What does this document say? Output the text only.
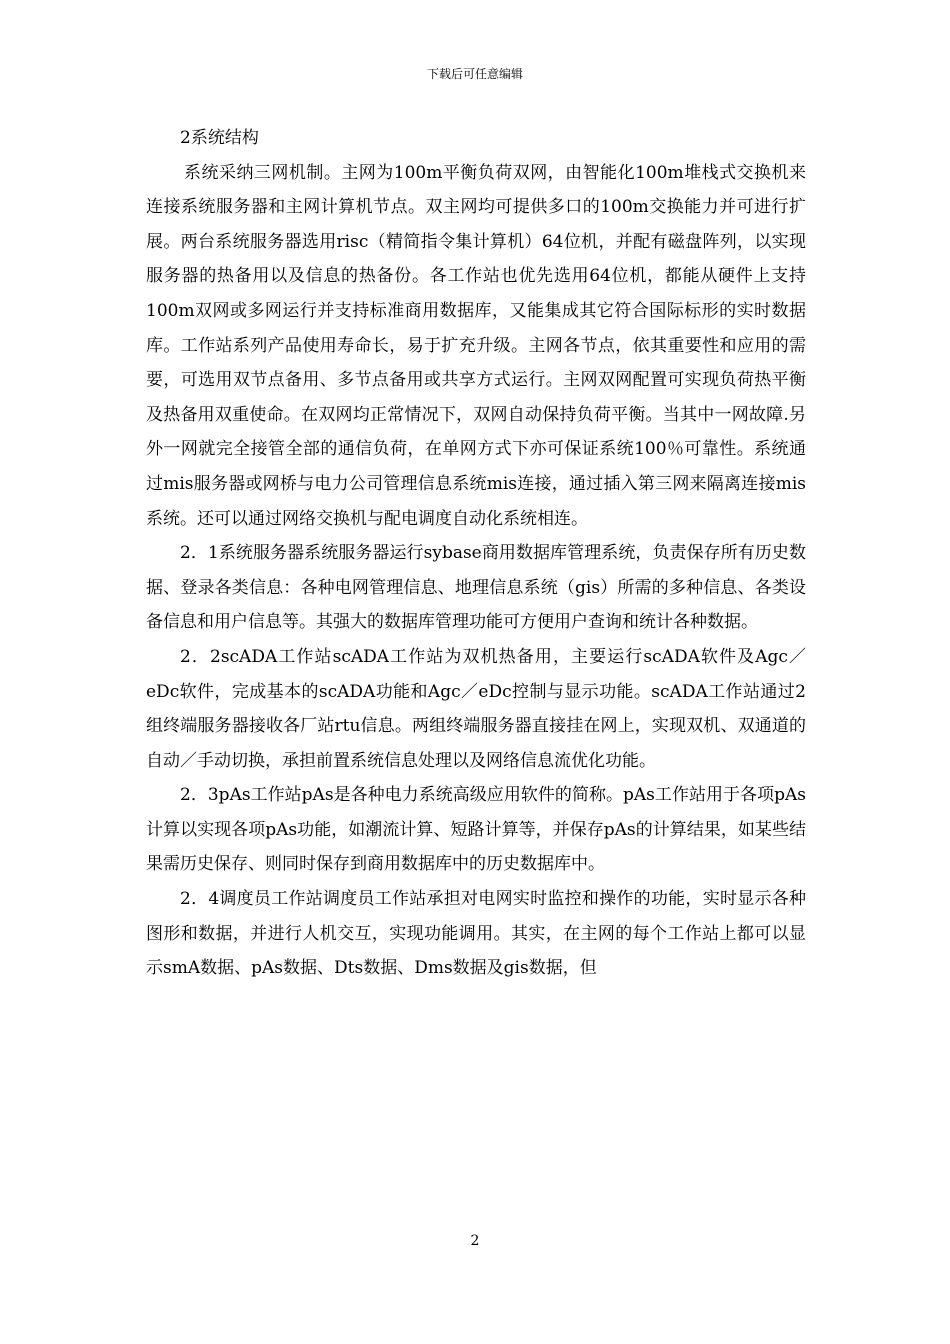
下载后可任意编辑

2系统结构

系统采纳三网机制。主网为100m平衡负荷双网，由智能化100m堆栈式交换机来连接系统服务器和主网计算机节点。双主网均可提供多口的100m交换能力并可进行扩展。两台系统服务器选用risc（精简指令集计算机）64位机，并配有磁盘阵列，以实现服务器的热备用以及信息的热备份。各工作站也优先选用64位机，都能从硬件上支持100m双网或多网运行并支持标准商用数据库，又能集成其它符合国际标形的实时数据库。工作站系列产品使用寿命长，易于扩充升级。主网各节点，依其重要性和应用的需要，可选用双节点备用、多节点备用或共享方式运行。主网双网配置可实现负荷热平衡及热备用双重使命。在双网均正常情况下，双网自动保持负荷平衡。当其中一网故障.另外一网就完全接管全部的通信负荷，在单网方式下亦可保证系统100％可靠性。系统通过mis服务器或网桥与电力公司管理信息系统mis连接，通过插入第三网来隔离连接mis系统。还可以通过网络交换机与配电调度自动化系统相连。

2．1系统服务器系统服务器运行sybase商用数据库管理系统，负责保存所有历史数据、登录各类信息：各种电网管理信息、地理信息系统（gis）所需的多种信息、各类设备信息和用户信息等。其强大的数据库管理功能可方便用户查询和统计各种数据。

2．2scADA工作站scADA工作站为双机热备用，主要运行scADA软件及Agc／eDc软件，完成基本的scADA功能和Agc／eDc控制与显示功能。scADA工作站通过2组终端服务器接收各厂站rtu信息。两组终端服务器直接挂在网上，实现双机、双通道的自动／手动切换，承担前置系统信息处理以及网络信息流优化功能。

2．3pAs工作站pAs是各种电力系统高级应用软件的简称。pAs工作站用于各项pAs计算以实现各项pAs功能，如潮流计算、短路计算等，并保存pAs的计算结果，如某些结果需历史保存、则同时保存到商用数据库中的历史数据库中。

2．4调度员工作站调度员工作站承担对电网实时监控和操作的功能，实时显示各种图形和数据，并进行人机交互，实现功能调用。其实，在主网的每个工作站上都可以显示smA数据、pAs数据、Dts数据、Dms数据及gis数据，但

2
